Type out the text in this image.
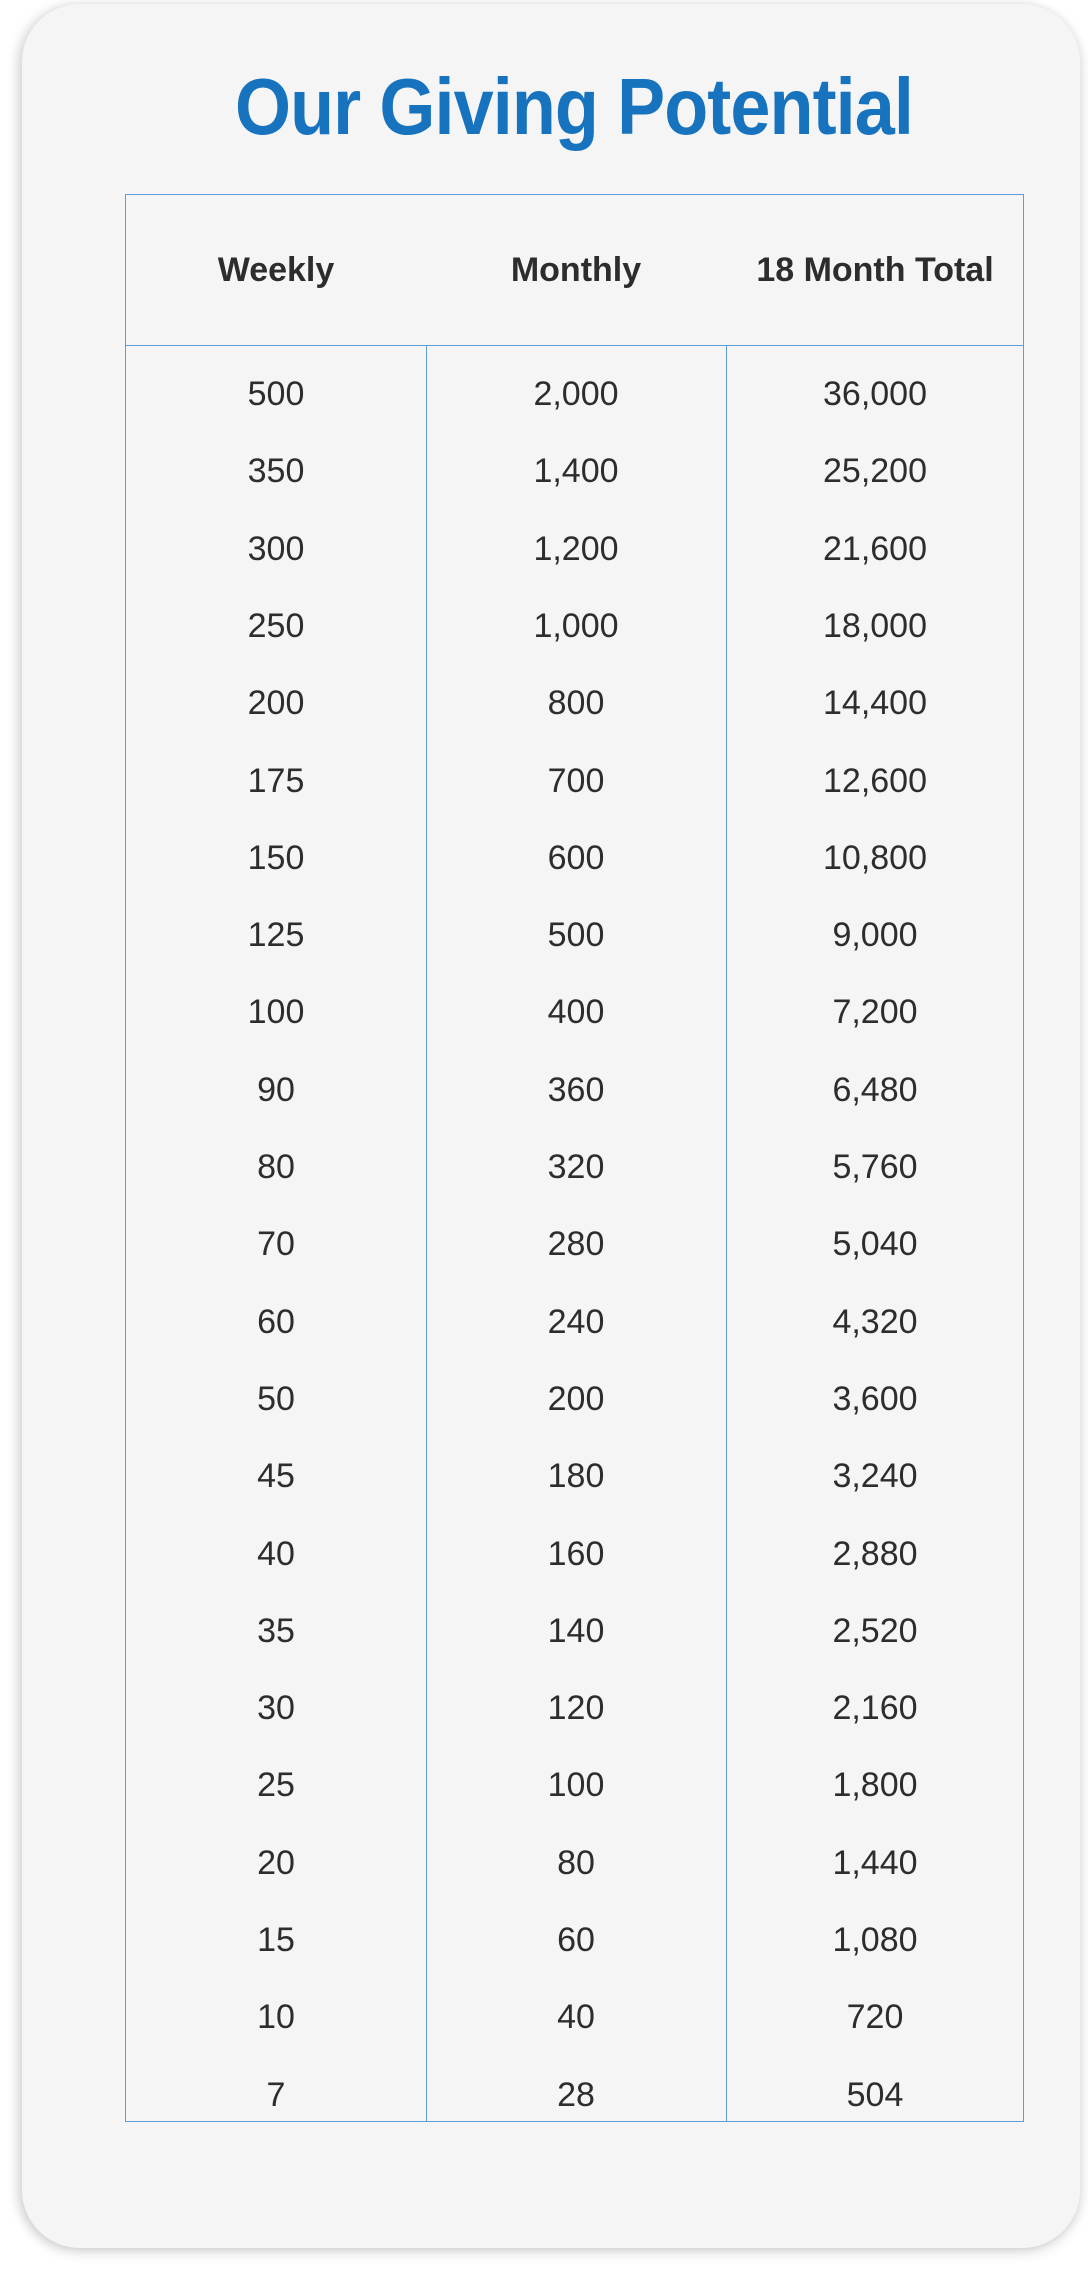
Our Giving Potential
Weekly	Monthly	18 Month Total
500	2,000	36,000
350	1,400	25,200
300	1,200	21,600
250	1,000	18,000
200	800	14,400
175	700	12,600
150	600	10,800
125	500	9,000
100	400	7,200
90	360	6,480
80	320	5,760
70	280	5,040
60	240	4,320
50	200	3,600
45	180	3,240
40	160	2,880
35	140	2,520
30	120	2,160
25	100	1,800
20	80	1,440
15	60	1,080
10	40	720
7	28	504
